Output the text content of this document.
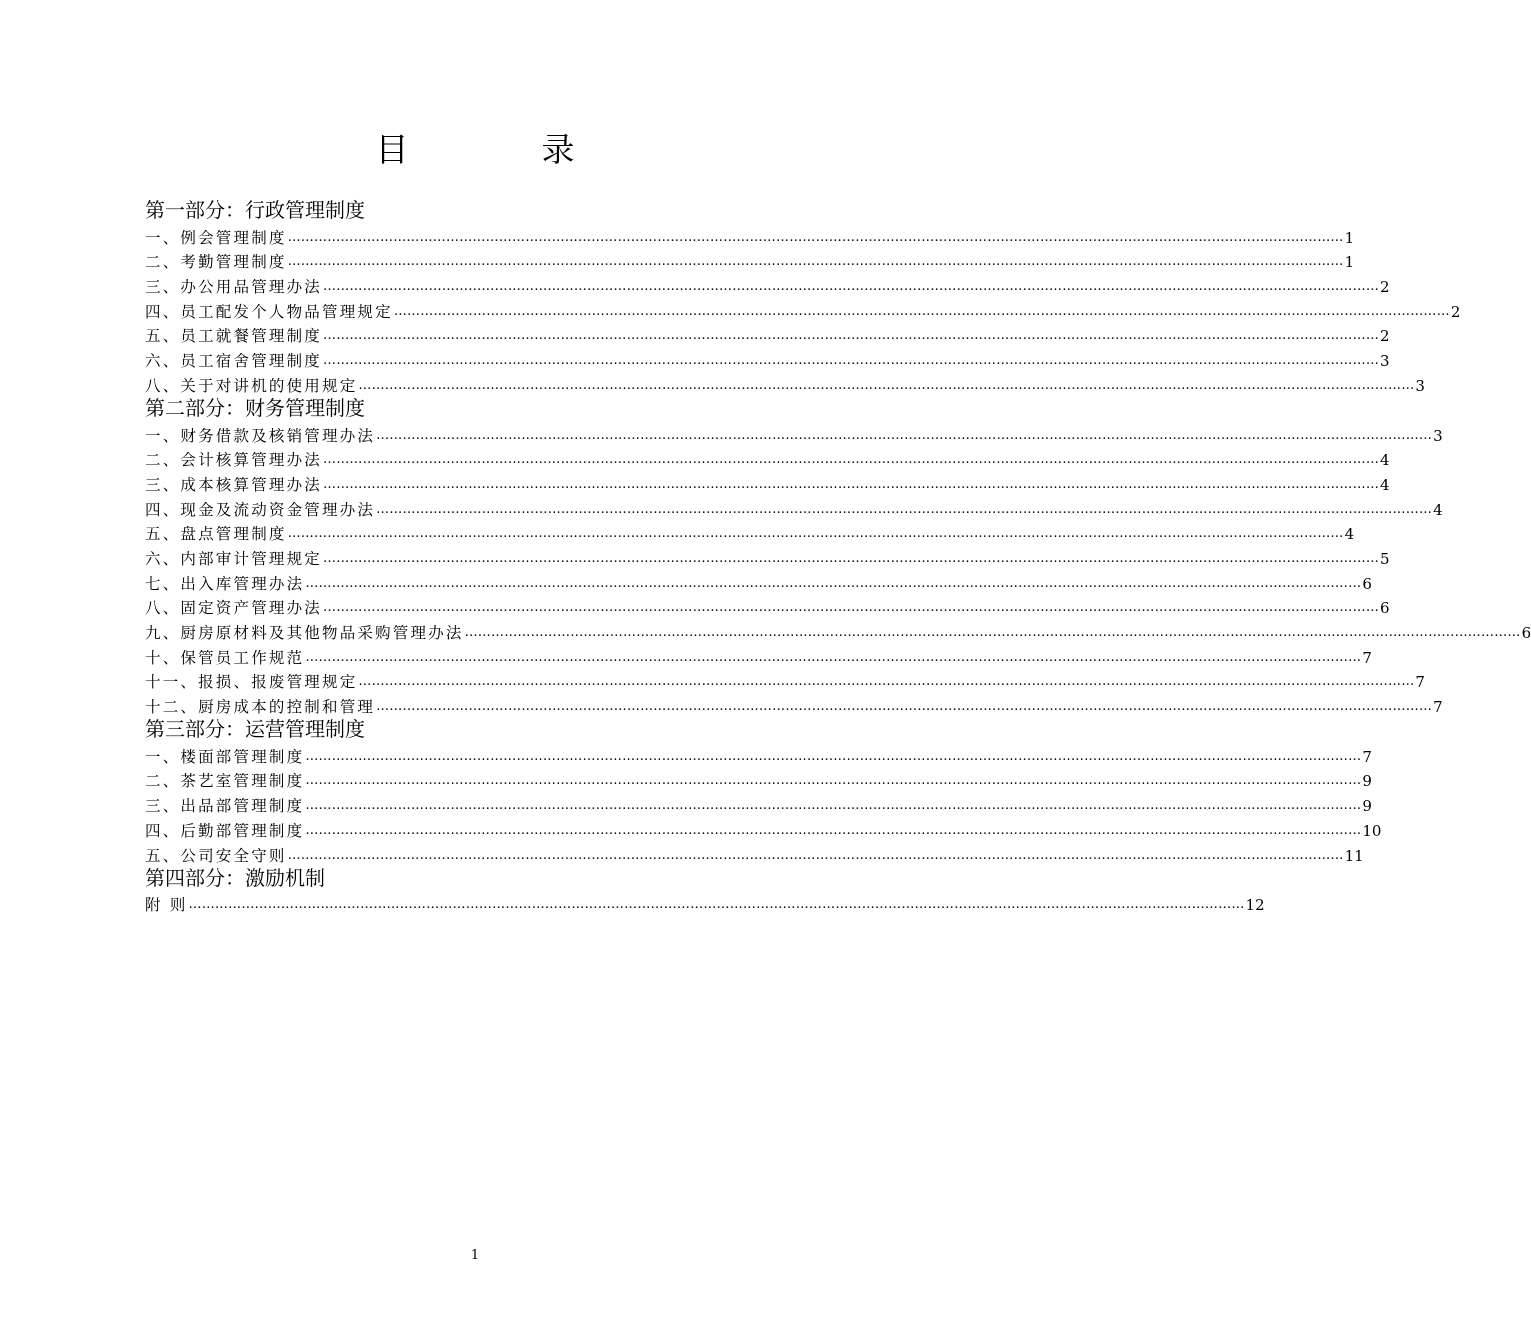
目　录
第一部分：行政管理制度
一、例会管理制度 …………………………………………………………………………………………………………………………………………………………………………………………………………………… 1
二、考勤管理制度 …………………………………………………………………………………………………………………………………………………………………………………………………………………… 1
三、办公用品管理办法 …………………………………………………………………………………………………………………………………………………………………………………………………………………… 2
四、员工配发个人物品管理规定 …………………………………………………………………………………………………………………………………………………………………………………………………………………… 2
五、员工就餐管理制度 …………………………………………………………………………………………………………………………………………………………………………………………………………………… 2
六、员工宿舍管理制度 …………………………………………………………………………………………………………………………………………………………………………………………………………………… 3
八、关于对讲机的使用规定 …………………………………………………………………………………………………………………………………………………………………………………………………………………… 3
第二部分：财务管理制度
一、财务借款及核销管理办法 …………………………………………………………………………………………………………………………………………………………………………………………………………………… 3
二、会计核算管理办法 …………………………………………………………………………………………………………………………………………………………………………………………………………………… 4
三、成本核算管理办法 …………………………………………………………………………………………………………………………………………………………………………………………………………………… 4
四、现金及流动资金管理办法 …………………………………………………………………………………………………………………………………………………………………………………………………………………… 4
五、盘点管理制度 …………………………………………………………………………………………………………………………………………………………………………………………………………………… 4
六、内部审计管理规定 …………………………………………………………………………………………………………………………………………………………………………………………………………………… 5
七、出入库管理办法 …………………………………………………………………………………………………………………………………………………………………………………………………………………… 6
八、固定资产管理办法 …………………………………………………………………………………………………………………………………………………………………………………………………………………… 6
九、厨房原材料及其他物品采购管理办法 …………………………………………………………………………………………………………………………………………………………………………………………………………………… 6
十、保管员工作规范 …………………………………………………………………………………………………………………………………………………………………………………………………………………… 7
十一、报损、报废管理规定 …………………………………………………………………………………………………………………………………………………………………………………………………………………… 7
十二、厨房成本的控制和管理 …………………………………………………………………………………………………………………………………………………………………………………………………………………… 7
第三部分：运营管理制度
一、楼面部管理制度 …………………………………………………………………………………………………………………………………………………………………………………………………………………… 7
二、茶艺室管理制度 …………………………………………………………………………………………………………………………………………………………………………………………………………………… 9
三、出品部管理制度 …………………………………………………………………………………………………………………………………………………………………………………………………………………… 9
四、后勤部管理制度 …………………………………………………………………………………………………………………………………………………………………………………………………………………… 10
五、公司安全守则 …………………………………………………………………………………………………………………………………………………………………………………………………………………… 11
第四部分：激励机制
附 则 …………………………………………………………………………………………………………………………………………………………………………………………………………………… 12
1
